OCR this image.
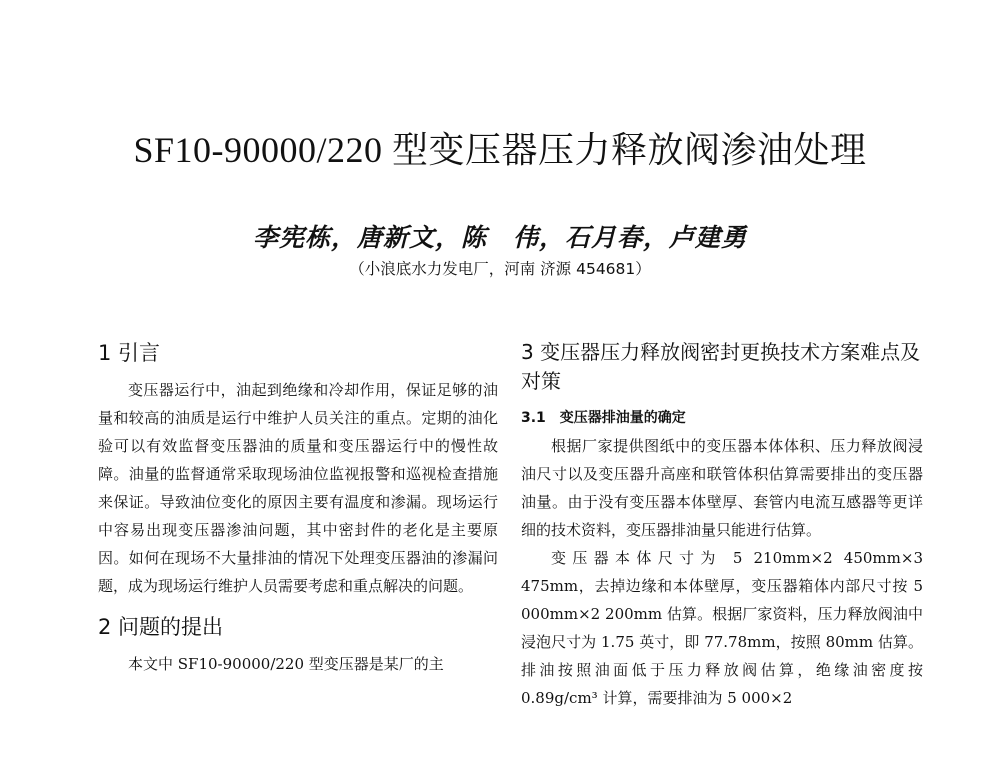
SF10-90000/220 型变压器压力释放阀渗油处理
李宪栋，唐新文，陈　伟，石月春，卢建勇
（小浪底水力发电厂，河南 济源 454681）
1 引言

变压器运行中，油起到绝缘和冷却作用，保证足够的油量和较高的油质是运行中维护人员关注的重点。定期的油化验可以有效监督变压器油的质量和变压器运行中的慢性故障。油量的监督通常采取现场油位监视报警和巡视检查措施来保证。导致油位变化的原因主要有温度和渗漏。现场运行中容易出现变压器渗油问题，其中密封件的老化是主要原因。如何在现场不大量排油的情况下处理变压器油的渗漏问题，成为现场运行维护人员需要考虑和重点解决的问题。

2 问题的提出

本文中 SF10-90000/220 型变压器是某厂的主

3 变压器压力释放阀密封更换技术方案难点及对策
3.1　变压器排油量的确定

根据厂家提供图纸中的变压器本体体积、压力释放阀浸油尺寸以及变压器升高座和联管体积估算需要排出的变压器油量。由于没有变压器本体壁厚、套管内电流互感器等更详细的技术资料，变压器排油量只能进行估算。

变压器本体尺寸为 5 210mm×2 450mm×3 475mm，去掉边缘和本体壁厚，变压器箱体内部尺寸按 5 000mm×2 200mm 估算。根据厂家资料，压力释放阀油中浸泡尺寸为 1.75 英寸，即 77.78mm，按照 80mm 估算。排油按照油面低于压力释放阀估算，绝缘油密度按 0.89g/cm³ 计算，需要排油为 5 000×2
